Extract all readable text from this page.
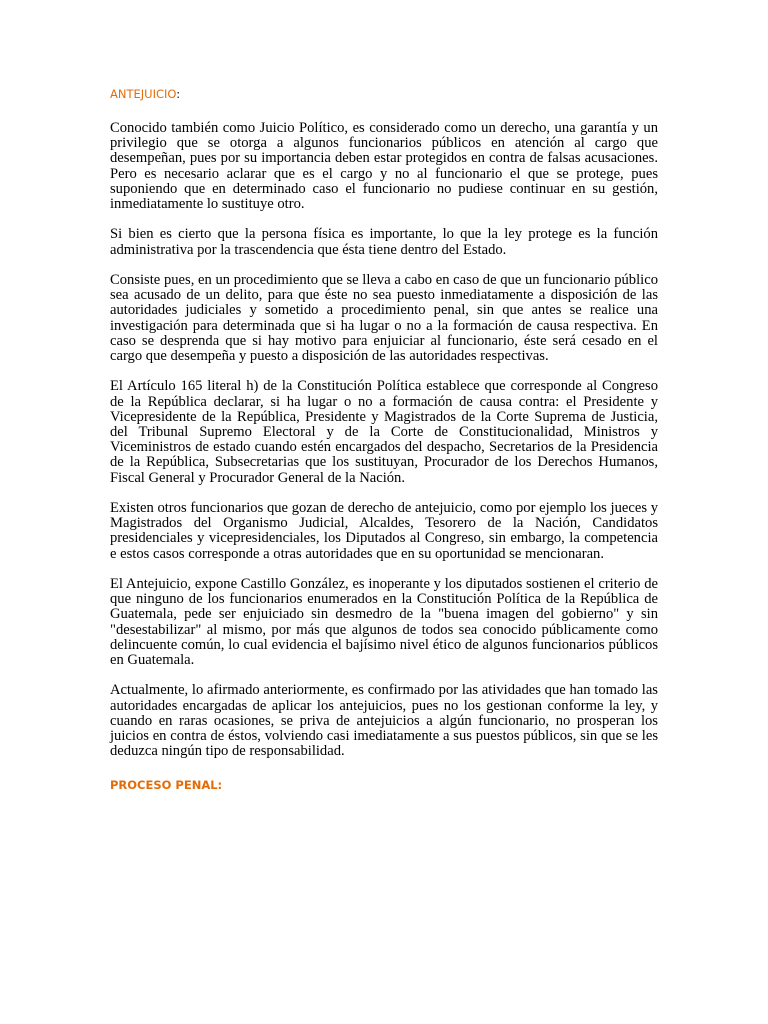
ANTEJUICIO:

Conocido también como Juicio Político, es considerado como un derecho, una garantía y un privilegio que se otorga a algunos funcionarios públicos en atención al cargo que desempeñan, pues por su importancia deben estar protegidos en contra de falsas acusaciones. Pero es necesario aclarar que es el cargo y no al funcionario el que se protege, pues suponiendo que en determinado caso el funcionario no pudiese continuar en su gestión, inmediatamente lo sustituye otro.

Si bien es cierto que la persona física es importante, lo que la ley protege es la función administrativa por la trascendencia que ésta tiene dentro del Estado.

Consiste pues, en un procedimiento que se lleva a cabo en caso de que un funcionario público sea acusado de un delito, para que éste no sea puesto inmediatamente a disposición de las autoridades judiciales y sometido a procedimiento penal, sin que antes se realice una investigación para determinada que si ha lugar o no a la formación de causa respectiva. En caso se desprenda que si hay motivo para enjuiciar al funcionario, éste será cesado en el cargo que desempeña y puesto a disposición de las autoridades respectivas.

El Artículo 165 literal h) de la Constitución Política establece que corresponde al Congreso de la República declarar, si ha lugar o no a formación de causa contra: el Presidente y Vicepresidente de la República, Presidente y Magistrados de la Corte Suprema de Justicia, del Tribunal Supremo Electoral y de la Corte de Constitucionalidad, Ministros y Viceministros de estado cuando estén encargados del despacho, Secretarios de la Presidencia de la República, Subsecretarias que los sustituyan, Procurador de los Derechos Humanos, Fiscal General y Procurador General de la Nación.

Existen otros funcionarios que gozan de derecho de antejuicio, como por ejemplo los jueces y Magistrados del Organismo Judicial, Alcaldes, Tesorero de la Nación, Candidatos presidenciales y vicepresidenciales, los Diputados al Congreso, sin embargo, la competencia e estos casos corresponde a otras autoridades que en su oportunidad se mencionaran.

El Antejuicio, expone Castillo González, es inoperante y los diputados sostienen el criterio de que ninguno de los funcionarios enumerados en la Constitución Política de la República de Guatemala, pede ser enjuiciado sin desmedro de la "buena imagen del gobierno" y sin "desestabilizar" al mismo, por más que algunos de todos sea conocido públicamente como delincuente común, lo cual evidencia el bajísimo nivel ético de algunos funcionarios públicos en Guatemala.

Actualmente, lo afirmado anteriormente, es confirmado por las atividades que han tomado las autoridades encargadas de aplicar los antejuicios, pues no los gestionan conforme la ley, y cuando en raras ocasiones, se priva de antejuicios a algún funcionario, no prosperan los juicios en contra de éstos, volviendo casi imediatamente a sus puestos públicos, sin que se les deduzca ningún tipo de responsabilidad.

PROCESO PENAL:
